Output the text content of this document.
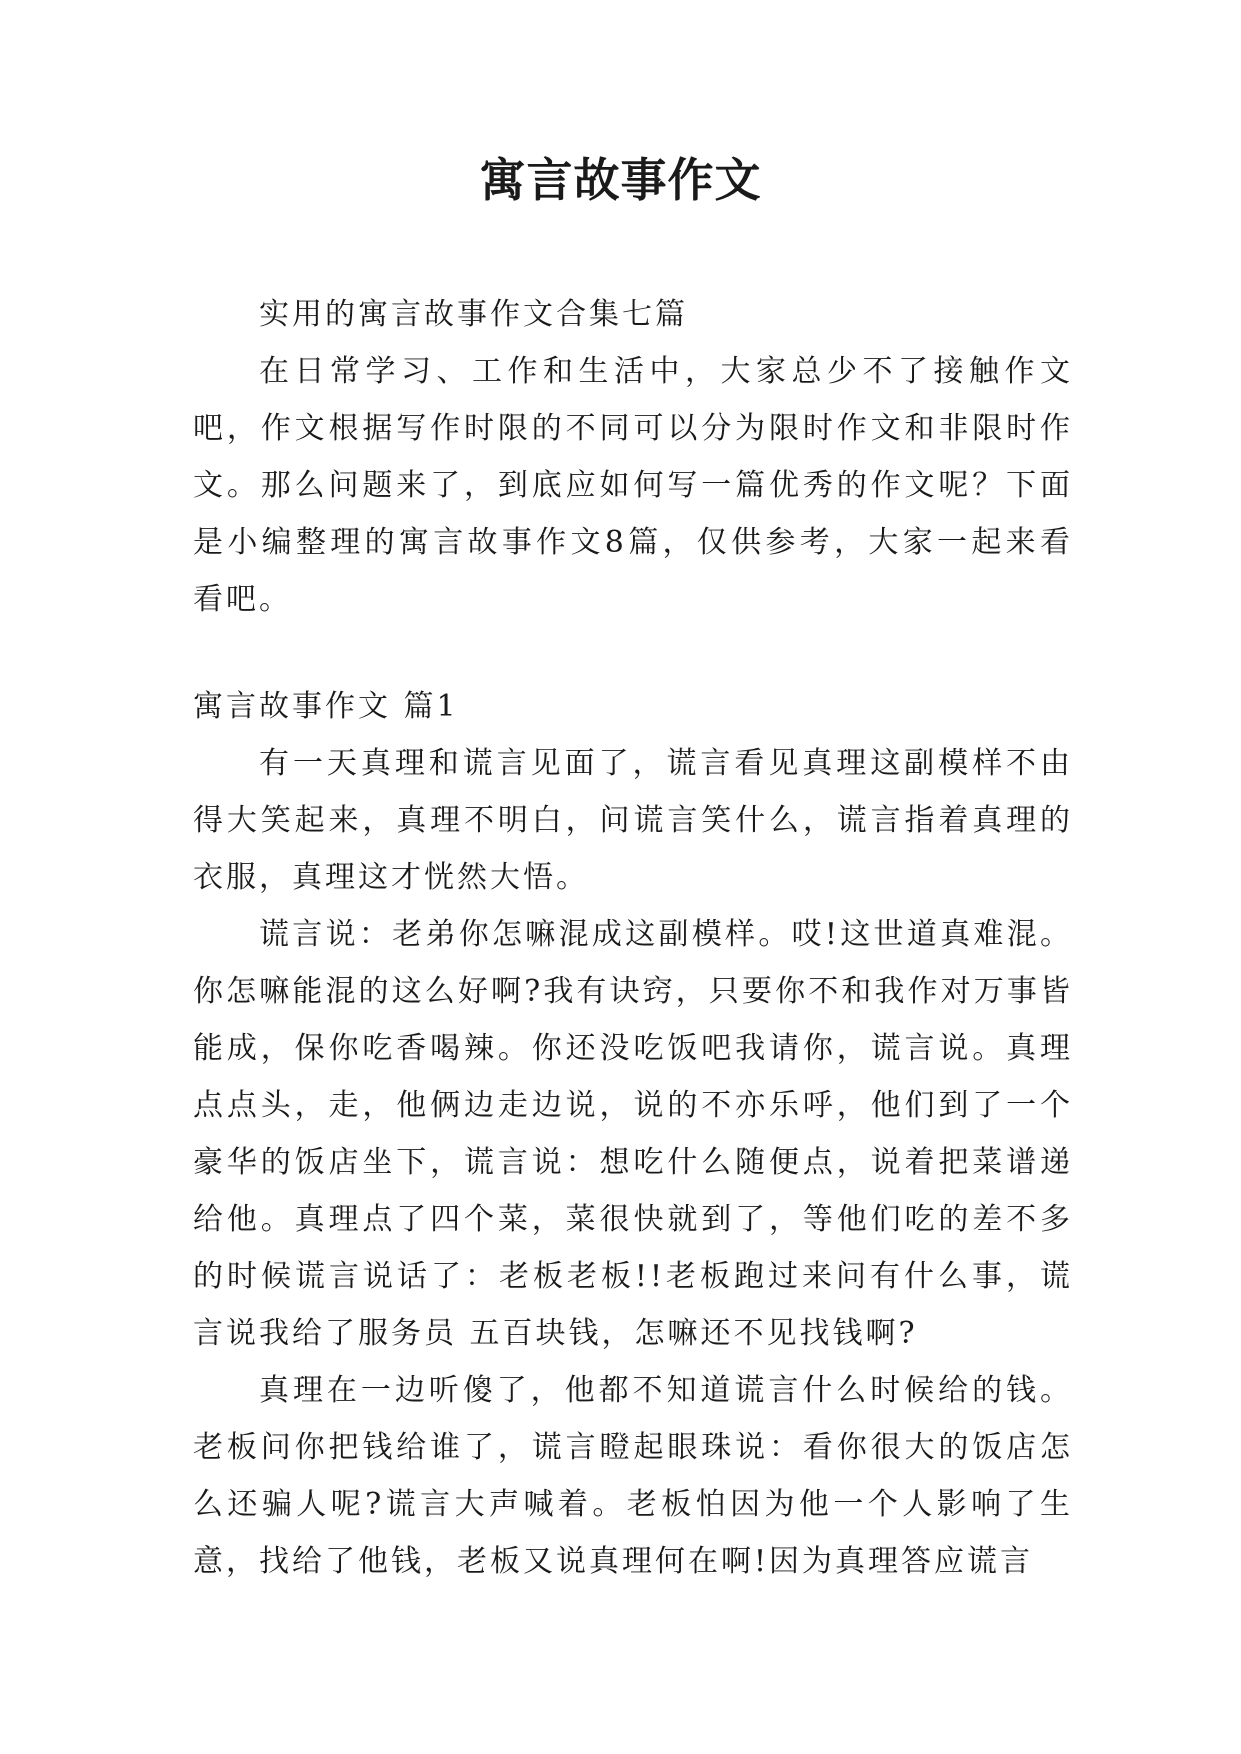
寓言故事作文

实用的寓言故事作文合集七篇

在日常学习、工作和生活中，大家总少不了接触作文吧，作文根据写作时限的不同可以分为限时作文和非限时作文。那么问题来了，到底应如何写一篇优秀的作文呢？下面是小编整理的寓言故事作文8篇，仅供参考，大家一起来看看吧。

寓言故事作文 篇1

有一天真理和谎言见面了，谎言看见真理这副模样不由得大笑起来，真理不明白，问谎言笑什么，谎言指着真理的衣服，真理这才恍然大悟。

谎言说：老弟你怎嘛混成这副模样。哎!这世道真难混。你怎嘛能混的这么好啊?我有诀窍，只要你不和我作对万事皆能成，保你吃香喝辣。你还没吃饭吧我请你，谎言说。真理点点头，走，他俩边走边说，说的不亦乐呼，他们到了一个豪华的饭店坐下，谎言说：想吃什么随便点，说着把菜谱递给他。真理点了四个菜，菜很快就到了，等他们吃的差不多的时候谎言说话了：老板老板!!老板跑过来问有什么事，谎言说我给了服务员 五百块钱，怎嘛还不见找钱啊?

真理在一边听傻了，他都不知道谎言什么时候给的钱。老板问你把钱给谁了，谎言瞪起眼珠说：看你很大的饭店怎么还骗人呢?谎言大声喊着。老板怕因为他一个人影响了生意，找给了他钱，老板又说真理何在啊!因为真理答应谎言
